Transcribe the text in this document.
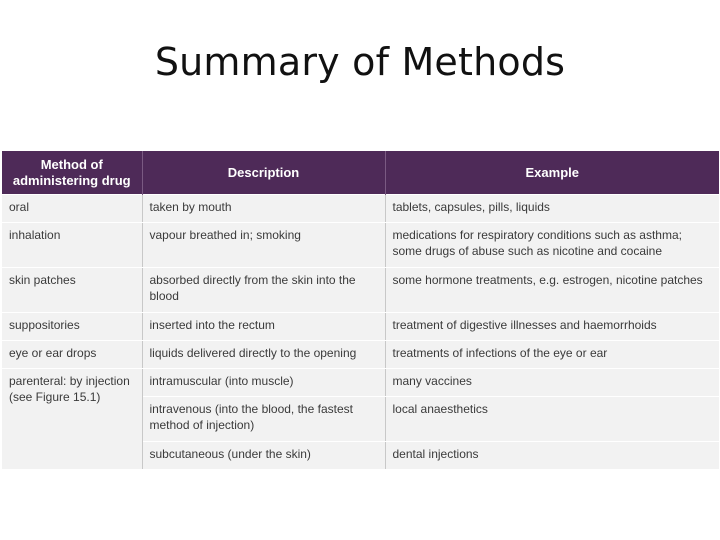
Summary of Methods
Method of administering drug	Description	Example
oral	taken by mouth	tablets, capsules, pills, liquids
inhalation	vapour breathed in; smoking	medications for respiratory conditions such as asthma; some drugs of abuse such as nicotine and cocaine
skin patches	absorbed directly from the skin into the blood	some hormone treatments, e.g. estrogen, nicotine patches
suppositories	inserted into the rectum	treatment of digestive illnesses and haemorrhoids
eye or ear drops	liquids delivered directly to the opening	treatments of infections of the eye or ear
parenteral: by injection (see Figure 15.1)	intramuscular (into muscle)	many vaccines
	intravenous (into the blood, the fastest method of injection)	local anaesthetics
	subcutaneous (under the skin)	dental injections
